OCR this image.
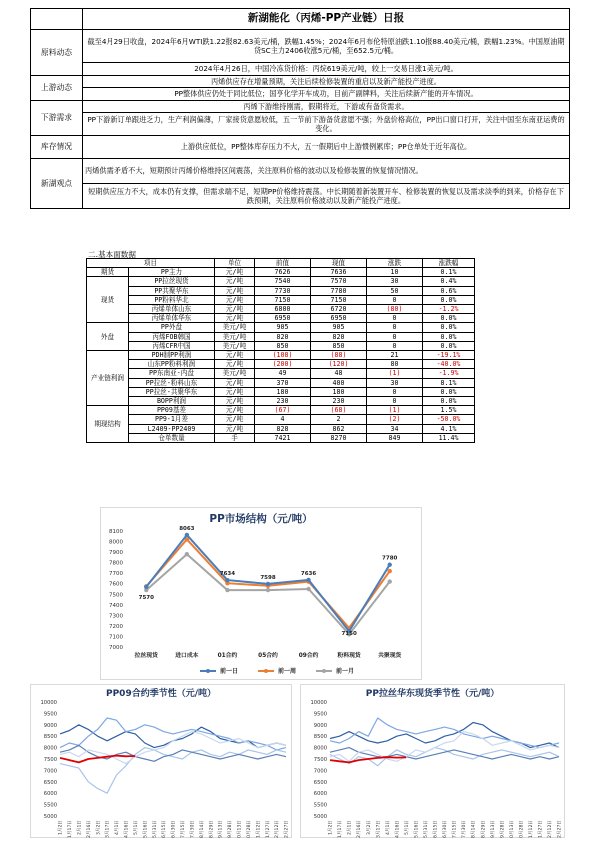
	新湖能化（丙烯-PP产业链）日报
原料动态	截至4月29日收盘，2024年6月WTI跌1.22报82.63美元/桶，跌幅1.45%；2024年6月布伦特原油跌1.10报88.40美元/桶，跌幅1.23%。中国原油期货SC主力2406收涨5元/桶，至652.5元/桶。
	2024年4月26日，中国冷冻货价格：丙烷619美元/吨，较上一交易日涨1美元/吨。
上游动态	丙烯供应存在增量预期，关注后续检修装置的重启以及新产能投产进度。
	PP整体供应仍处于同比低位；国亨化学开车成功，目前产副牌料，关注后续新产能的开车情况。
下游需求	丙烯下游维持刚需，假期将近，下游或有备货需求。
	PP下游新订单跟进乏力，生产利润偏薄，厂家接货意愿较低，五一节前下游备货意愿不强；外盘价格高位，PP出口窗口打开，关注中国至东南亚运费的变化。
库存情况	上游供应低位，PP整体库存压力不大，五一假期后中上游惯例累库；PP仓单处于近年高位。
新湖观点	丙烯供需矛盾不大，短期预计丙烯价格维持区间震荡，关注原料价格的波动以及检修装置的恢复情况情况。
	短期供应压力不大，成本仍有支撑，但需求端不足，短期PP价格维持震荡。中长期随着新装置开车、检修装置的恢复以及需求淡季的到来，价格存在下跌预期，关注原料价格波动以及新产能投产进度。
二.基本面数据
项目		单位	前值	现值	涨跌	涨跌幅
期货	PP主力	元/吨	7626	7636	10	0.1%
现货	PP拉丝现货	元/吨	7540	7570	30	0.4%
	PP共聚华东	元/吨	7730	7780	50	0.6%
	PP粉料华北	元/吨	7150	7150	0	0.0%
	丙烯单体山东	元/吨	6800	6720	(80)	-1.2%
	丙烯单体华东	元/吨	6950	6950	0	0.0%
外盘	PP外盘	美元/吨	905	905	0	0.0%
	丙烯FOB韩国	美元/吨	820	820	0	0.0%
	丙烯CFR中国	美元/吨	850	850	0	0.0%
产业链利润	PDH制PP利润	元/吨	(108)	(88)	21	-19.1%
	山东PP粉料利润	元/吨	(200)	(120)	80	-40.0%
	PP东南亚-内盘	美元/吨	49	48	(1)	-1.9%
	PP拉丝-粉料山东	元/吨	370	400	30	8.1%
	PP拉丝-共聚华东	元/吨	180	180	0	0.0%
	BOPP利润	元/吨	230	230	0	0.0%
期现结构	PP09基差	元/吨	(67)	(68)	(1)	1.5%
	PP9-1月差	元/吨	4	2	(2)	-50.0%
	L2409-PP2409	元/吨	828	862	34	4.1%
	仓单数量	手	7421	8270	849	11.4%
PP市场结构（元/吨）
7000
7100
7200
7300
7400
7500
7600
7700
7800
7900
8000
8100
拉丝现货	进口成本	01合约	05合约	09合约	粉料现货	共聚现货
7570
8063
7634
7598
7636
7150
7780
前一日	前一周	前一月
PP09合约季节性（元/吨）
5000
5500
6000
6500
7000
7500
8000
8500
9000
9500
10000
1月2日 1月17日 2月1日 2月16日 3月2日 3月17日 4月1日 4月16日 5月1日 5月16日 5月31日 6月15日 6月30日 7月15日 7月30日 8月14日 8月29日 9月13日 9月28日 10月13日 10月28日 11月12日 11月27日 12月12日 12月27日
PP拉丝华东现货季节性（元/吨）
5000
5500
6000
6500
7000
7500
8000
8500
9000
9500
10000
1月2日 1月17日 2月1日 2月16日 3月2日 3月17日 4月1日 4月16日 5月1日 5月16日 5月31日 6月15日 6月30日 7月15日 7月30日 8月14日 8月29日 9月13日 9月28日 10月13日 10月28日 11月12日 11月27日 12月12日 12月27日
